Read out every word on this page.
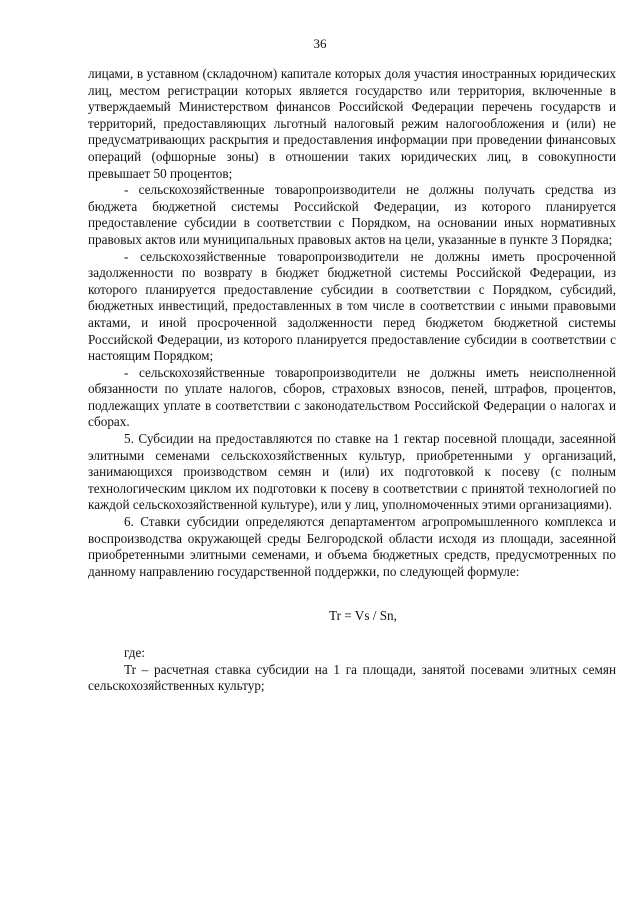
36

лицами, в уставном (складочном) капитале которых доля участия иностранных юридических лиц, местом регистрации которых является государство или территория, включенные в утверждаемый Министерством финансов Российской Федерации перечень государств и территорий, предоставляющих льготный налоговый режим налогообложения и (или) не предусматривающих раскрытия и предоставления информации при проведении финансовых операций (офшорные зоны) в отношении таких юридических лиц, в совокупности превышает 50 процентов;

- сельскохозяйственные товаропроизводители не должны получать средства из бюджета бюджетной системы Российской Федерации, из которого планируется предоставление субсидии в соответствии с Порядком, на основании иных нормативных правовых актов или муниципальных правовых актов на цели, указанные в пункте 3 Порядка;

- сельскохозяйственные товаропроизводители не должны иметь просроченной задолженности по возврату в бюджет бюджетной системы Российской Федерации, из которого планируется предоставление субсидии в соответствии с Порядком, субсидий, бюджетных инвестиций, предоставленных в том числе в соответствии с иными правовыми актами, и иной просроченной задолженности перед бюджетом бюджетной системы Российской Федерации, из которого планируется предоставление субсидии в соответствии с настоящим Порядком;

- сельскохозяйственные товаропроизводители не должны иметь неисполненной обязанности по уплате налогов, сборов, страховых взносов, пеней, штрафов, процентов, подлежащих уплате в соответствии с законодательством Российской Федерации о налогах и сборах.

5. Субсидии на предоставляются по ставке на 1 гектар посевной площади, засеянной элитными семенами сельскохозяйственных культур, приобретенными у организаций, занимающихся производством семян и (или) их подготовкой к посеву (с полным технологическим циклом их подготовки к посеву в соответствии с принятой технологией по каждой сельскохозяйственной культуре), или у лиц, уполномоченных этими организациями).

6. Ставки субсидии определяются департаментом агропромышленного комплекса и воспроизводства окружающей среды Белгородской области исходя из площади, засеянной приобретенными элитными семенами, и объема бюджетных средств, предусмотренных по данному направлению государственной поддержки, по следующей формуле:

Tr = Vs / Sn,

где:

Tr – расчетная ставка субсидии на 1 га площади, занятой посевами элитных семян сельскохозяйственных культур;
